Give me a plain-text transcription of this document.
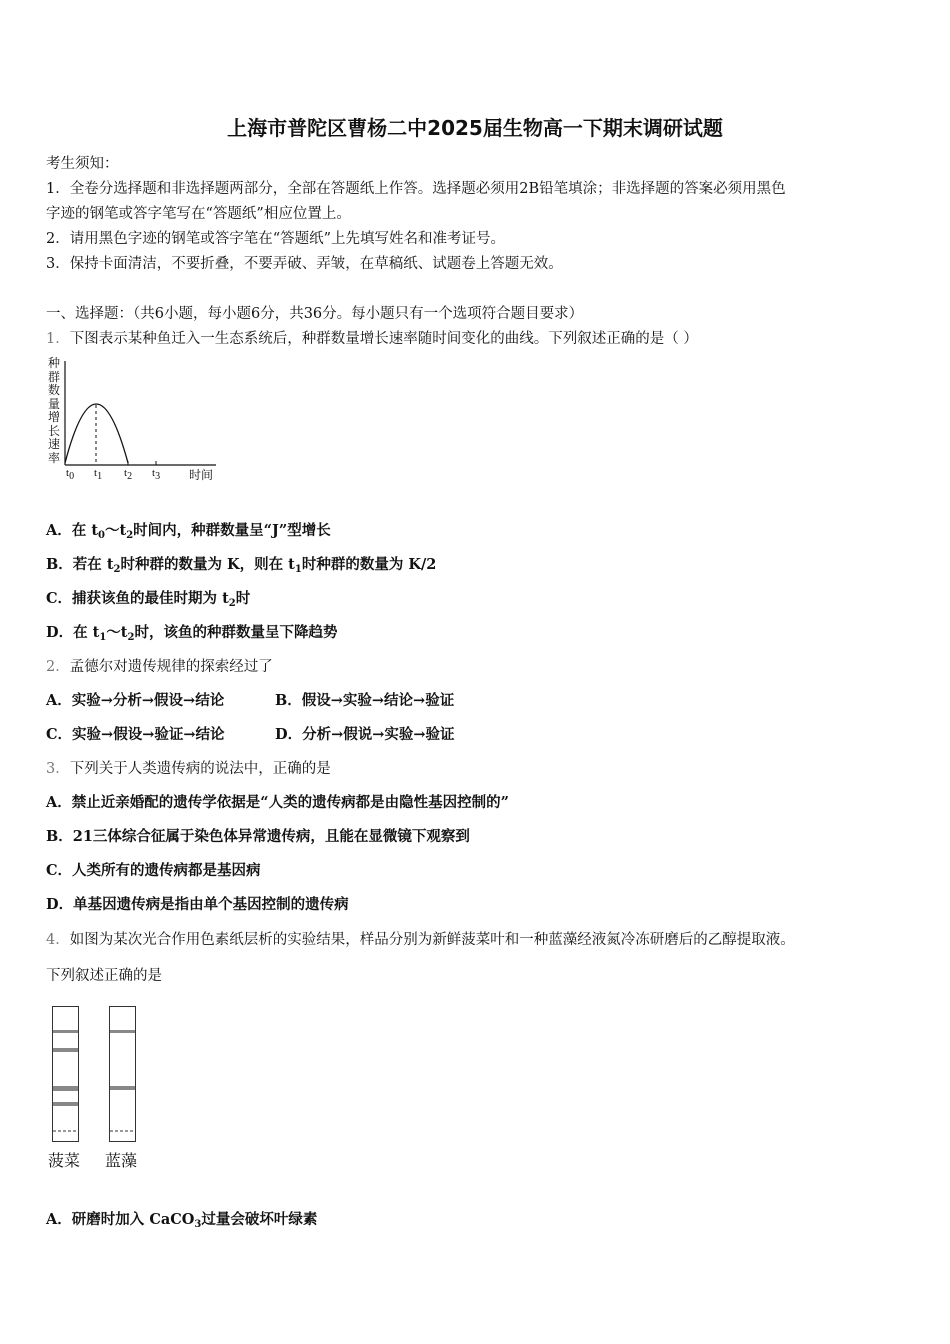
上海市普陀区曹杨二中2025届生物高一下期末调研试题
考生须知：
1．全卷分选择题和非选择题两部分，全部在答题纸上作答。选择题必须用2B铅笔填涂；非选择题的答案必须用黑色
字迹的钢笔或答字笔写在“答题纸”相应位置上。
2．请用黑色字迹的钢笔或答字笔在“答题纸”上先填写姓名和准考证号。
3．保持卡面清洁，不要折叠，不要弄破、弄皱，在草稿纸、试题卷上答题无效。
一、选择题：（共6小题，每小题6分，共36分。每小题只有一个选项符合题目要求）
1．下图表示某种鱼迁入一生态系统后，种群数量增长速率随时间变化的曲线。下列叙述正确的是（ ）
种群数量增长速率
$t_0$ $t_1$ $t_2$ $t_3$ 时间
A．在 $t_0\sim t_2$时间内，种群数量呈“J”型增长
B．若在 $t_2$时种群的数量为 K，则在 $t_1$时种群的数量为 K/2
C．捕获该鱼的最佳时期为 $t_2$时
D．在 $t_1\sim t_2$时，该鱼的种群数量呈下降趋势
2．孟德尔对遗传规律的探索经过了
A．实验→分析→假设→结论	B．假设→实验→结论→验证
C．实验→假设→验证→结论	D．分析→假说→实验→验证
3．下列关于人类遗传病的说法中，正确的是
A．禁止近亲婚配的遗传学依据是“人类的遗传病都是由隐性基因控制的”
B．21三体综合征属于染色体异常遗传病，且能在显微镜下观察到
C．人类所有的遗传病都是基因病
D．单基因遗传病是指由单个基因控制的遗传病
4．如图为某次光合作用色素纸层析的实验结果，样品分别为新鲜菠菜叶和一种蓝藻经液氮冷冻研磨后的乙醇提取液。
下列叙述正确的是
菠菜 蓝藻
A．研磨时加入 CaCO$_3$过量会破坏叶绿素
